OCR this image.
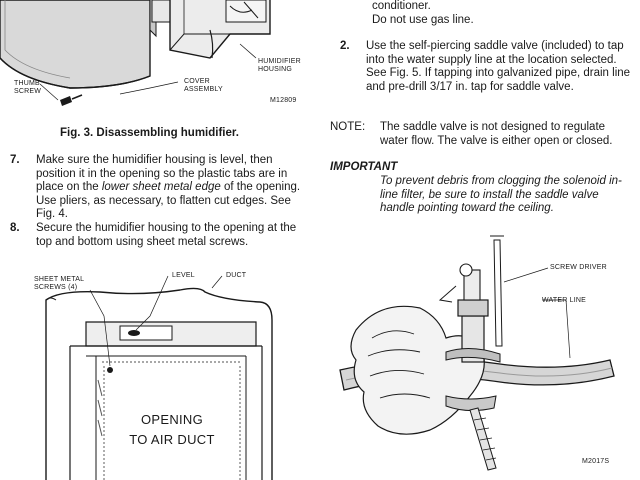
THUMB
SCREW
COVER
ASSEMBLY
HUMIDIFIER
HOUSING
M12809
Fig. 3. Disassembling humidifier.
7. Make sure the humidifier housing is level, then position it in the opening so the plastic tabs are in place on the lower sheet metal edge of the opening. Use pliers, as necessary, to flatten cut edges. See Fig. 4.
8. Secure the humidifier housing to the opening at the top and bottom using sheet metal screws.
SHEET METAL
SCREWS (4)
LEVEL	DUCT
OPENING
TO AIR DUCT
conditioner.
Do not use gas line.
2. Use the self-piercing saddle valve (included) to tap into the water supply line at the location selected. See Fig. 5. If tapping into galvanized pipe, drain line and pre-drill 3/17 in. tap for saddle valve.
NOTE: The saddle valve is not designed to regulate water flow. The valve is either open or closed.
IMPORTANT
To prevent debris from clogging the solenoid in-line filter, be sure to install the saddle valve handle pointing toward the ceiling.
SCREW DRIVER
WATER LINE
M2017S
